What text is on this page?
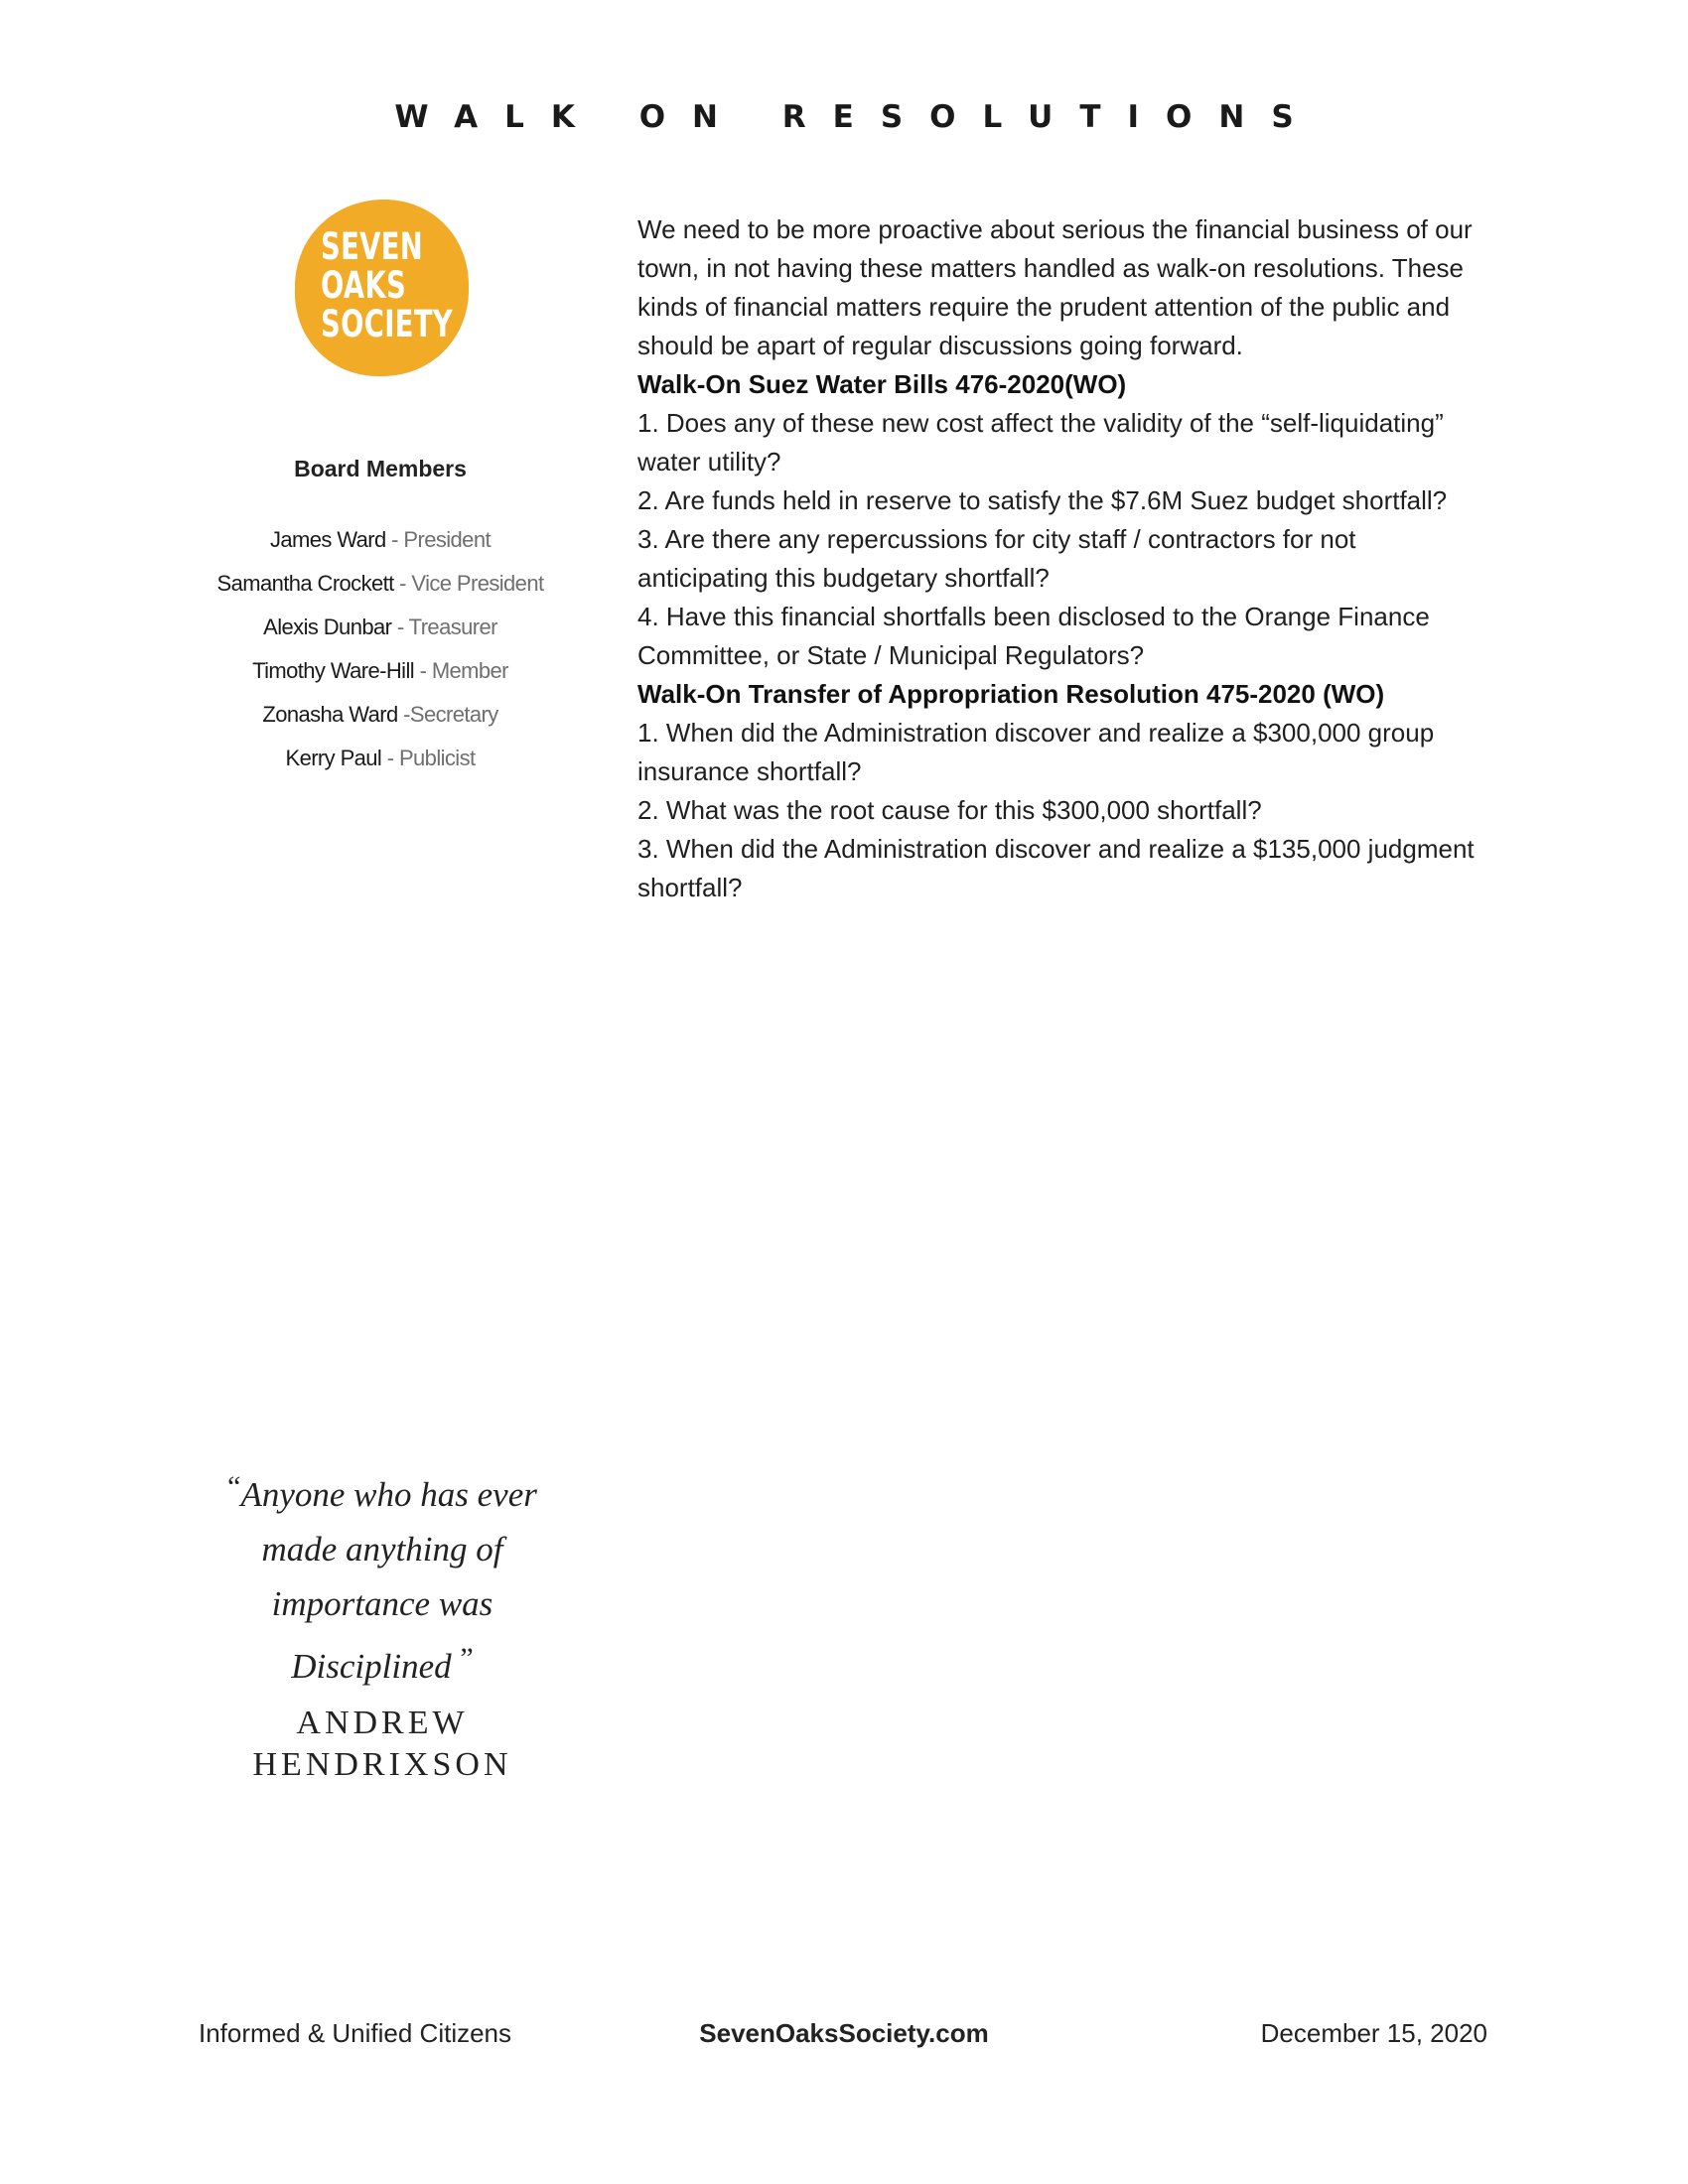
WALK ON RESOLUTIONS
SEVEN
OAKS
SOCIETY
Board Members
James Ward - President
Samantha Crockett - Vice President
Alexis Dunbar - Treasurer
Timothy Ware-Hill - Member
Zonasha Ward -Secretary
Kerry Paul - Publicist

We need to be more proactive about serious the financial business of our town, in not having these matters handled as walk-on resolutions. These kinds of financial matters require the prudent attention of the public and should be apart of regular discussions going forward.

Walk-On Suez Water Bills 476-2020(WO)

1. Does any of these new cost affect the validity of the “self-liquidating” water utility?

2. Are funds held in reserve to satisfy the $7.6M Suez budget shortfall?

3. Are there any repercussions for city staff / contractors for not anticipating this budgetary shortfall?

4. Have this financial shortfalls been disclosed to the Orange Finance Committee, or State / Municipal Regulators?

Walk-On Transfer of Appropriation Resolution 475-2020 (WO)

1. When did the Administration discover and realize a $300,000 group insurance shortfall?

2. What was the root cause for this $300,000 shortfall?

3. When did the Administration discover and realize a $135,000 judgment shortfall?

“Anyone who has ever made anything of importance was Disciplined ”
ANDREW
HENDRIXSON
Informed & Unified Citizens	SevenOaksSociety.com	December 15, 2020
